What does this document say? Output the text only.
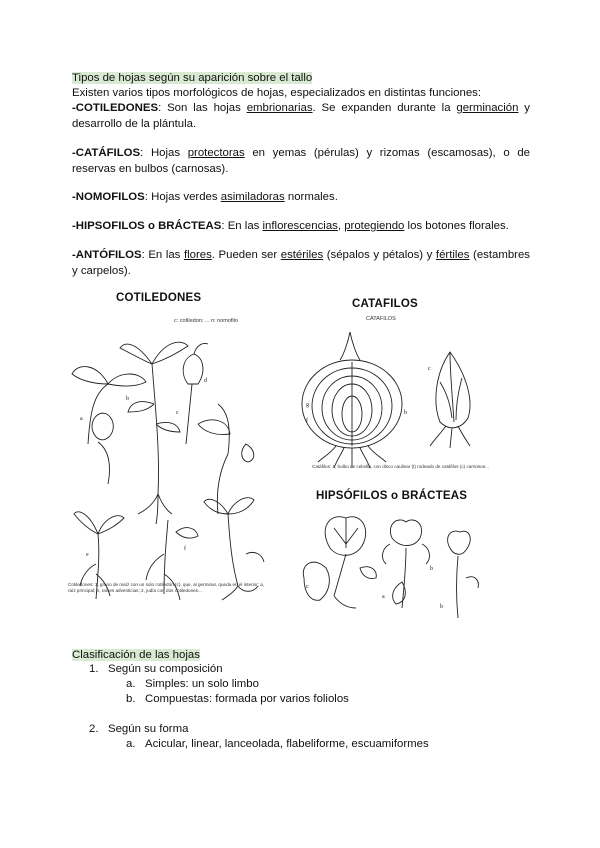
Tipos de hojas según su aparición sobre el tallo
Existen varios tipos morfológicos de hojas, especializados en distintas funciones:
-COTILEDONES: Son las hojas embrionarias. Se expanden durante la germinación y desarrollo de la plántula.
-CATÁFILOS: Hojas protectoras en yemas (pérulas) y rizomas (escamosas), o de reservas en bulbos (carnosas).
-NOMOFILOS: Hojas verdes asimiladoras normales.
-HIPSOFILOS o BRÁCTEAS: En las inflorescencias, protegiendo los botones florales.
-ANTÓFILOS: En las flores. Pueden ser estériles (sépalos y pétalos) y fértiles (estambres y carpelos).
COTILEDONES
c: cotiledon; ... n: nomofilo
a
b
c
d
e
f
Cotiledones: 1, grano de maíz con un solo cotiledón (c), que, al germinar, queda en el interior; a, raíz principal; n, raíces adventicias; 2, judía con dos cotiledones...
CATAFILOS
CATAFILOS
g
f
b
c
Catáfilos: 1, bulbo de cebolla, con disco caulinar (t) rodeado de catáfilos (c) carnosos...
HIPSÓFILOS o BRÁCTEAS
c
b
b
a
Clasificación de las hojas
1. Según su composición
a. Simples: un solo limbo
b. Compuestas: formada por varios foliolos
2. Según su forma
a. Acicular, linear, lanceolada, flabeliforme, escuamiformes
